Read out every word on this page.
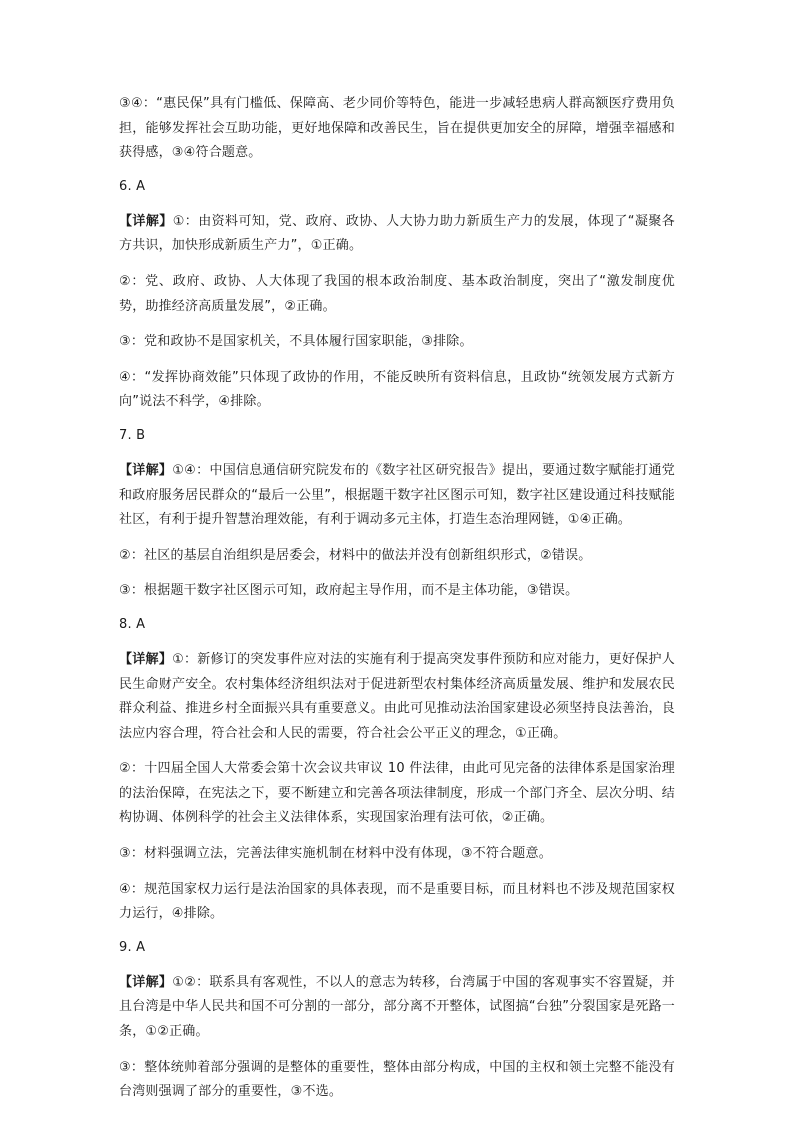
③④：“惠民保”具有门槛低、保障高、老少同价等特色，能进一步减轻患病人群高额医疗费用负担，能够发挥社会互助功能，更好地保障和改善民生，旨在提供更加安全的屏障，增强幸福感和获得感，③④符合题意。

6. A

【详解】①：由资料可知，党、政府、政协、人大协力助力新质生产力的发展，体现了“凝聚各方共识，加快形成新质生产力”，①正确。

②：党、政府、政协、人大体现了我国的根本政治制度、基本政治制度，突出了“激发制度优势，助推经济高质量发展”，②正确。

③：党和政协不是国家机关，不具体履行国家职能，③排除。

④：“发挥协商效能”只体现了政协的作用，不能反映所有资料信息，且政协“统领发展方式新方向”说法不科学，④排除。

7. B

【详解】①④：中国信息通信研究院发布的《数字社区研究报告》提出，要通过数字赋能打通党和政府服务居民群众的“最后一公里”，根据题干数字社区图示可知，数字社区建设通过科技赋能社区，有利于提升智慧治理效能，有利于调动多元主体，打造生态治理网链，①④正确。

②：社区的基层自治组织是居委会，材料中的做法并没有创新组织形式，②错误。

③：根据题干数字社区图示可知，政府起主导作用，而不是主体功能，③错误。

8. A

【详解】①：新修订的突发事件应对法的实施有利于提高突发事件预防和应对能力，更好保护人民生命财产安全。农村集体经济组织法对于促进新型农村集体经济高质量发展、维护和发展农民群众利益、推进乡村全面振兴具有重要意义。由此可见推动法治国家建设必须坚持良法善治，良法应内容合理，符合社会和人民的需要，符合社会公平正义的理念，①正确。

②：十四届全国人大常委会第十次会议共审议 10 件法律，由此可见完备的法律体系是国家治理的法治保障，在宪法之下，要不断建立和完善各项法律制度，形成一个部门齐全、层次分明、结构协调、体例科学的社会主义法律体系，实现国家治理有法可依，②正确。

③：材料强调立法，完善法律实施机制在材料中没有体现，③不符合题意。

④：规范国家权力运行是法治国家的具体表现，而不是重要目标，而且材料也不涉及规范国家权力运行，④排除。

9. A

【详解】①②：联系具有客观性，不以人的意志为转移，台湾属于中国的客观事实不容置疑，并且台湾是中华人民共和国不可分割的一部分，部分离不开整体，试图搞“台独”分裂国家是死路一条，①②正确。

③：整体统帅着部分强调的是整体的重要性，整体由部分构成，中国的主权和领土完整不能没有台湾则强调了部分的重要性，③不选。
